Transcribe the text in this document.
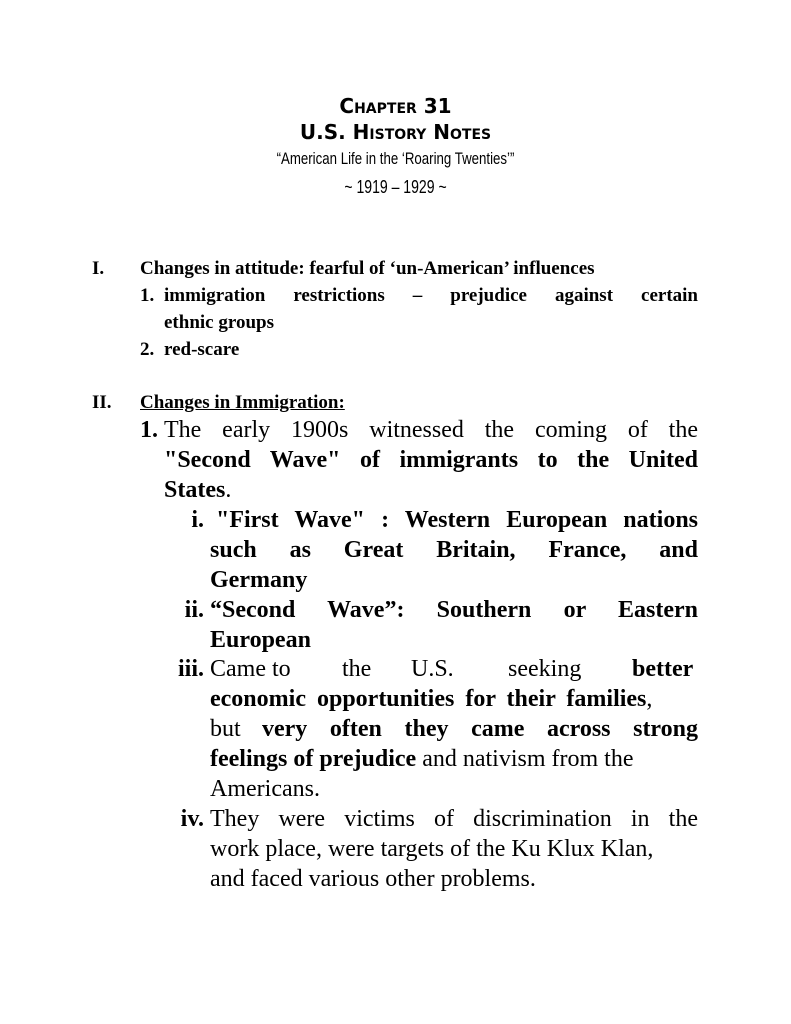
Chapter 31
U.S. History Notes
“American Life in the ‘Roaring Twenties’”
~ 1919 – 1929 ~
I. Changes in attitude: fearful of ‘un-American’ influences
1. immigration restrictions – prejudice against certain
ethnic groups
2. red-scare
II. Changes in Immigration:
1. The early 1900s witnessed the coming of the
"Second Wave" of immigrants to the United
States.
i. "First Wave" : Western European nations
such as Great Britain, France, and
Germany
ii. “Second Wave”: Southern or Eastern
European
iii. Came to the U.S. seeking better
economic opportunities for their families,
but very often they came across strong
feelings of prejudice and nativism from the
Americans.
iv. They were victims of discrimination in the
work place, were targets of the Ku Klux Klan,
and faced various other problems.
